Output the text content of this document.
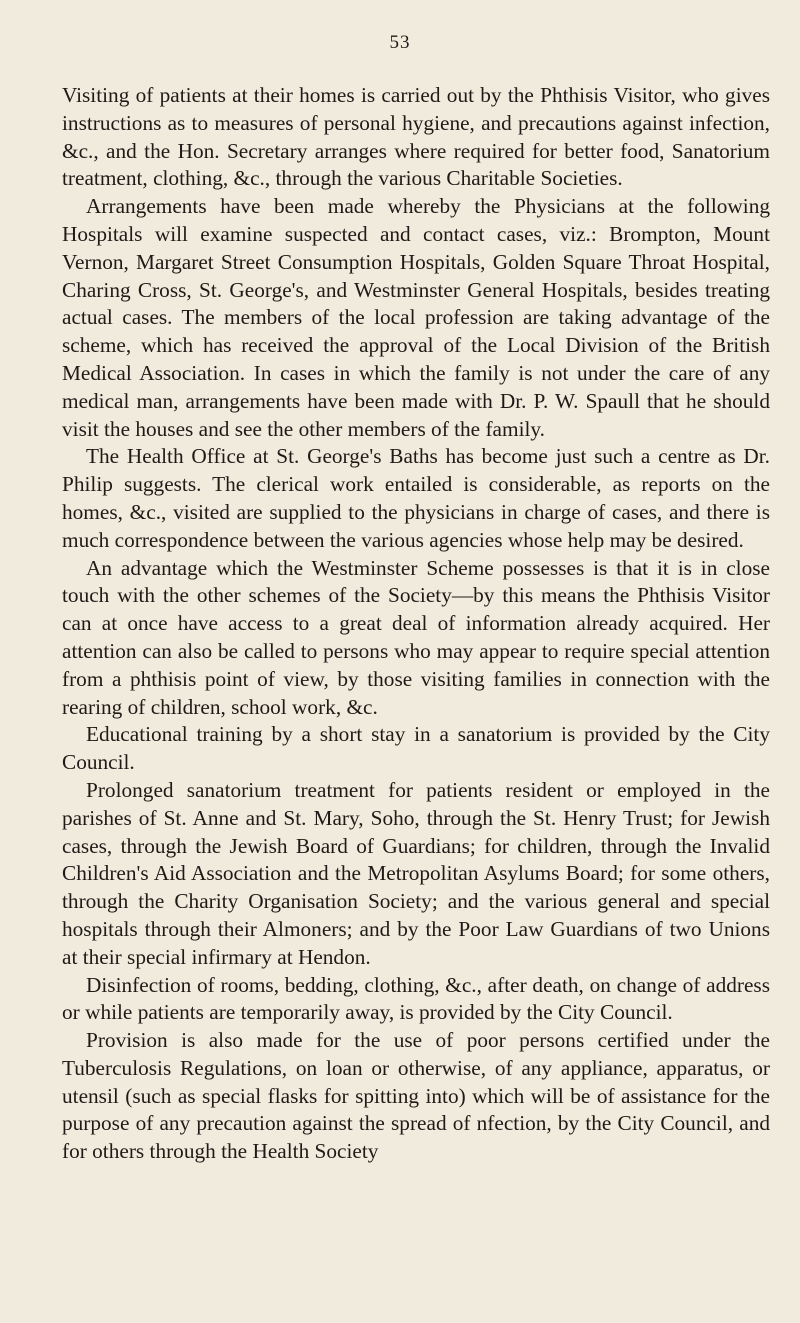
53

Visiting of patients at their homes is carried out by the Phthisis Visitor, who gives instructions as to measures of personal hygiene, and precautions against infection, &c., and the Hon. Secretary arranges where required for better food, Sanatorium treatment, clothing, &c., through the various Charitable Societies.

Arrangements have been made whereby the Physicians at the following Hospitals will examine suspected and contact cases, viz.: Brompton, Mount Vernon, Margaret Street Consumption Hospitals, Golden Square Throat Hospital, Charing Cross, St. George's, and Westminster General Hospitals, besides treating actual cases. The members of the local profession are taking advantage of the scheme, which has received the approval of the Local Division of the British Medical Association. In cases in which the family is not under the care of any medical man, arrangements have been made with Dr. P. W. Spaull that he should visit the houses and see the other members of the family.

The Health Office at St. George's Baths has become just such a centre as Dr. Philip suggests. The clerical work entailed is considerable, as reports on the homes, &c., visited are supplied to the physicians in charge of cases, and there is much correspondence between the various agencies whose help may be desired.

An advantage which the Westminster Scheme possesses is that it is in close touch with the other schemes of the Society—by this means the Phthisis Visitor can at once have access to a great deal of information already acquired. Her attention can also be called to persons who may appear to require special attention from a phthisis point of view, by those visiting families in connection with the rearing of children, school work, &c.

Educational training by a short stay in a sanatorium is provided by the City Council.

Prolonged sanatorium treatment for patients resident or employed in the parishes of St. Anne and St. Mary, Soho, through the St. Henry Trust; for Jewish cases, through the Jewish Board of Guardians; for children, through the Invalid Children's Aid Association and the Metropolitan Asylums Board; for some others, through the Charity Organisation Society; and the various general and special hospitals through their Almoners; and by the Poor Law Guardians of two Unions at their special infirmary at Hendon.

Disinfection of rooms, bedding, clothing, &c., after death, on change of address or while patients are temporarily away, is provided by the City Council.

Provision is also made for the use of poor persons certified under the Tuberculosis Regulations, on loan or otherwise, of any appliance, apparatus, or utensil (such as special flasks for spitting into) which will be of assistance for the purpose of any precaution against the spread of nfection, by the City Council, and for others through the Health Society
